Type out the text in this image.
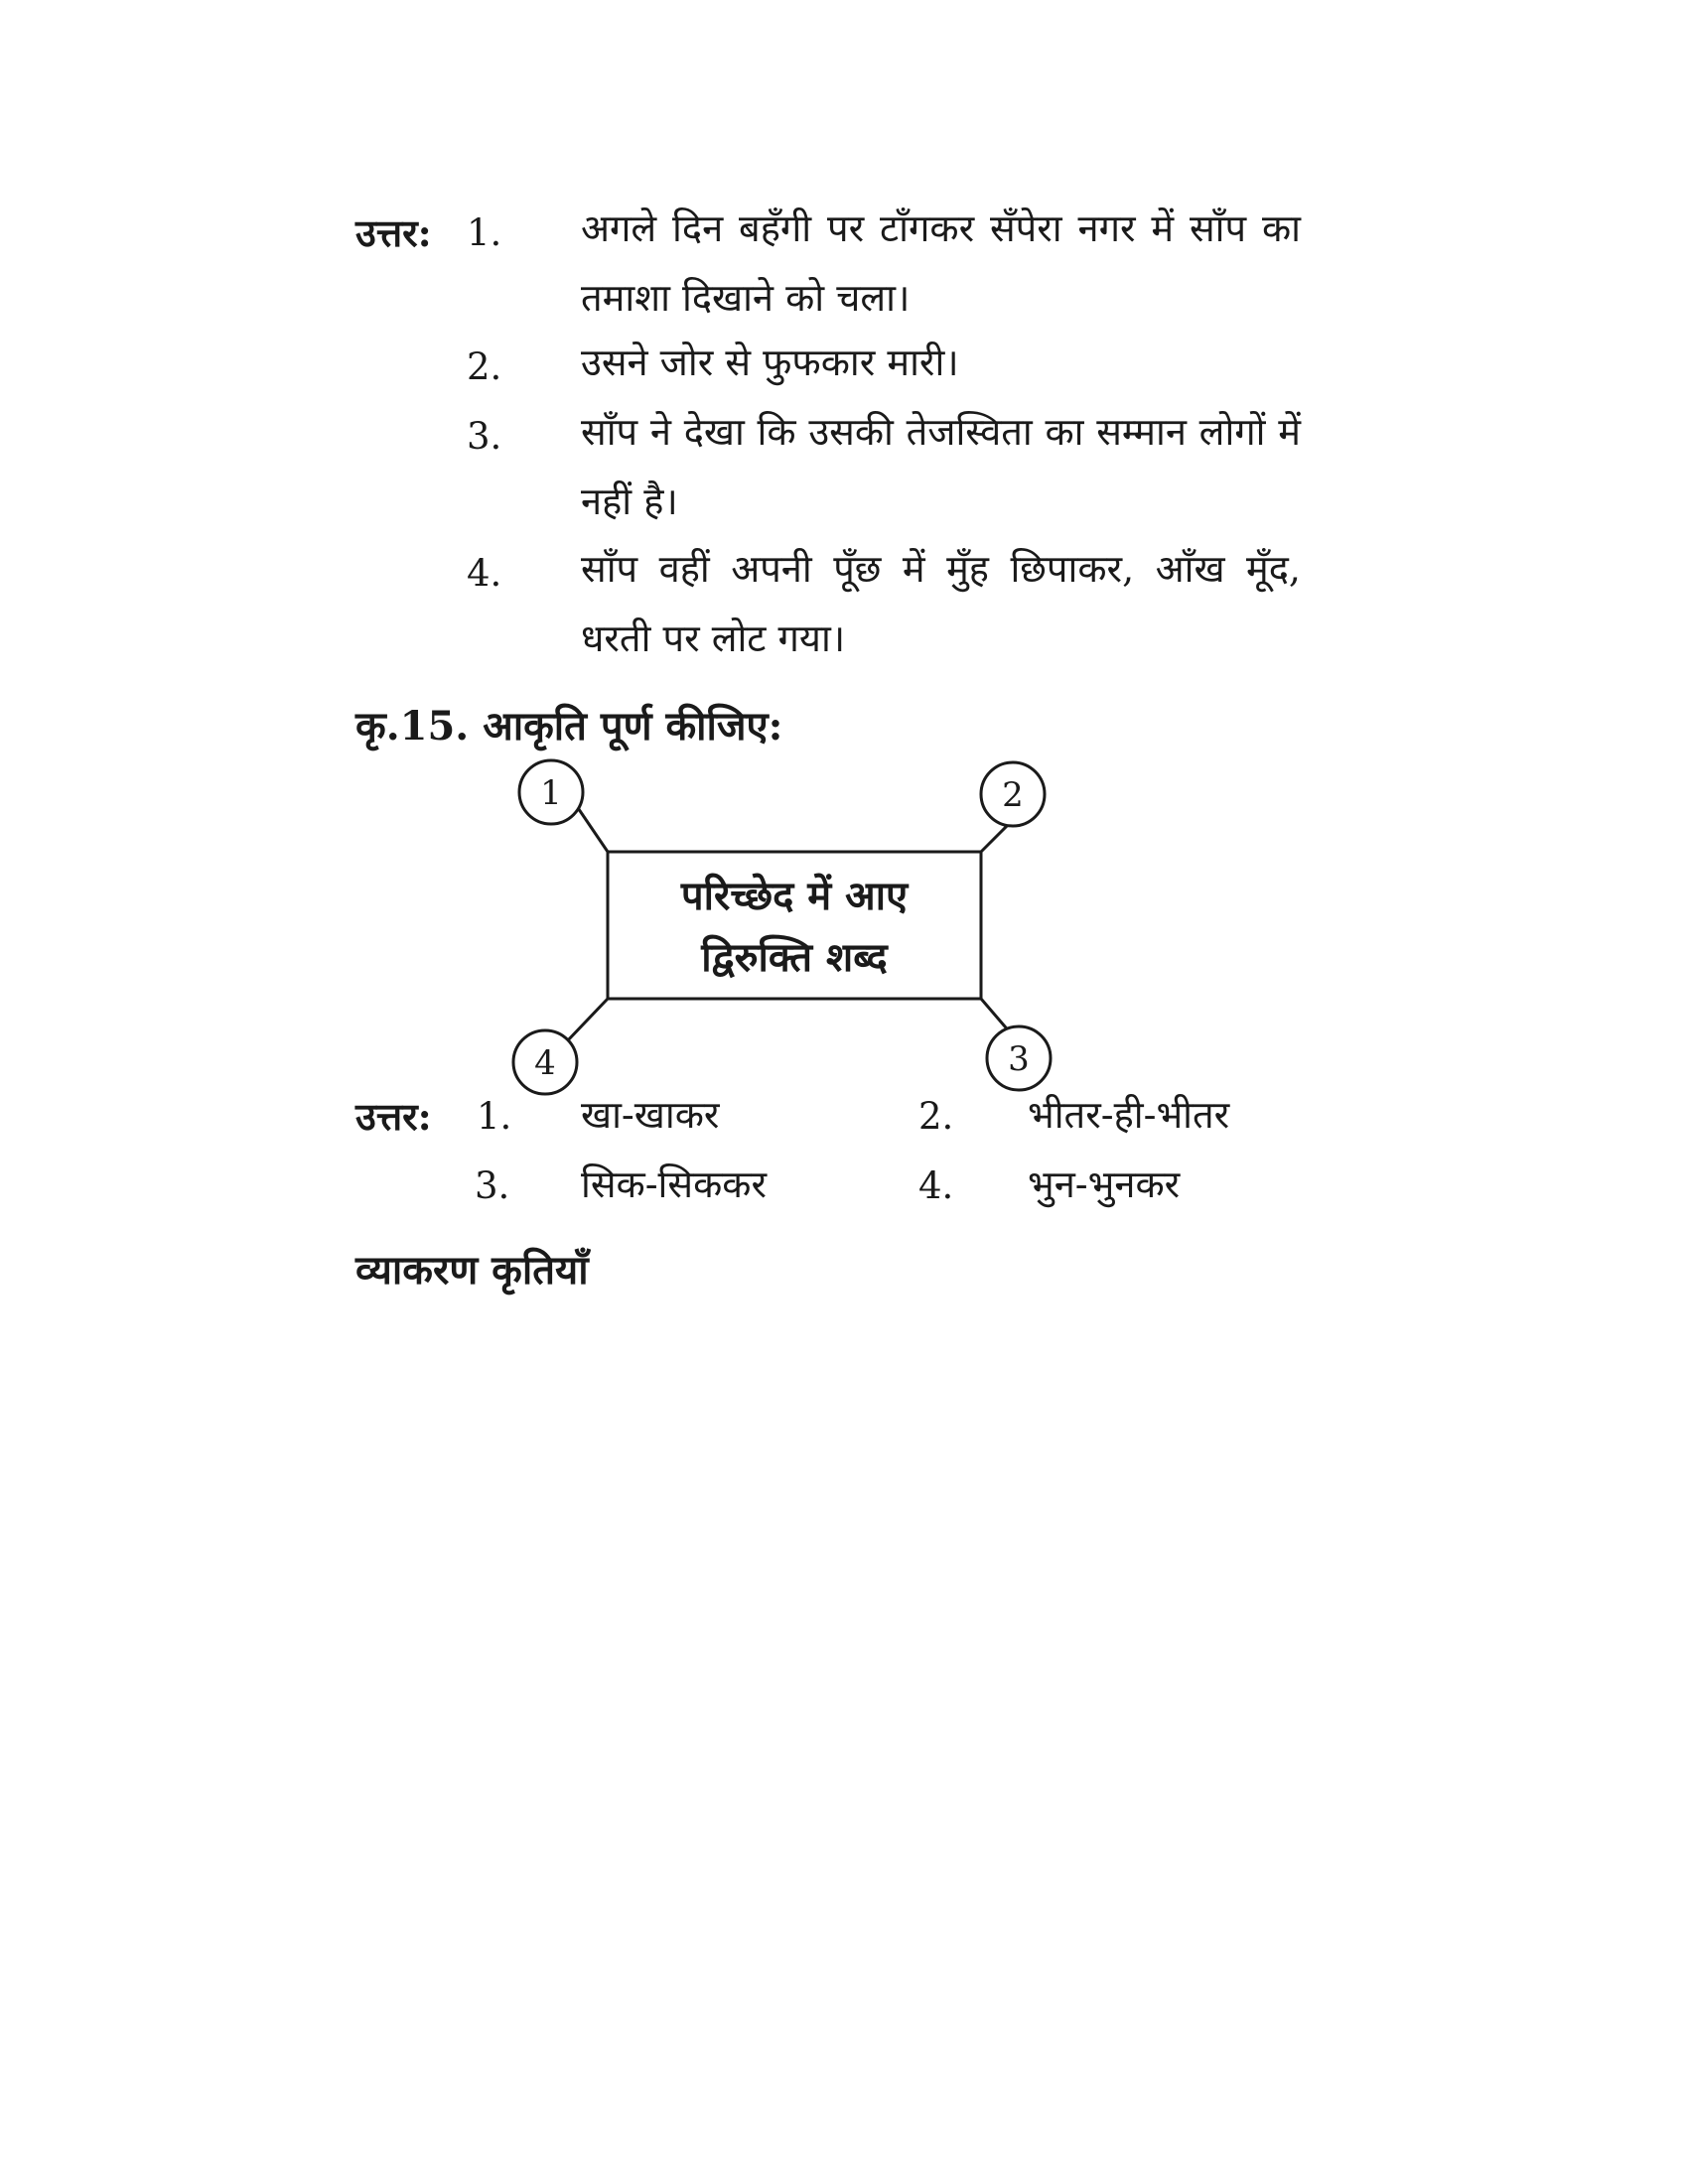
उत्तर: 1. अगले दिन बहँगी पर टाँगकर सँपेरा नगर में साँप का तमाशा दिखाने को चला।
2. उसने जोर से फुफकार मारी।
3. साँप ने देखा कि उसकी तेजस्विता का सम्मान लोगों में नहीं है।
4. साँप वहीं अपनी पूँछ में मुँह छिपाकर, आँख मूँद, धरती पर लोट गया।
कृ.15. आकृति पूर्ण कीजिए:
1	2
3
4
परिच्छेद में आए
द्विरुक्ति शब्द
उत्तर: 1. खा-खाकर	2. भीतर-ही-भीतर
3. सिक-सिककर	4. भुन-भुनकर
व्याकरण कृतियाँ
